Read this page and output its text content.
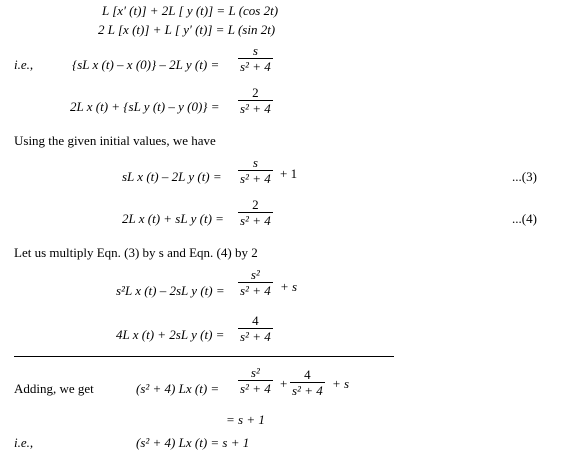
L [x′ (t)] + 2L [ y (t)] = L (cos 2t)
2 L [x (t)] + L [ y′ (t)] = L (sin 2t)
i.e.,	{sL x (t) – x (0)} – 2L y (t) =
s
s² + 4
2L x (t) + {sL y (t) – y (0)} =
2
s² + 4
Using the given initial values, we have
sL x (t) – 2L y (t) =
s
s² + 4 + 1	...(3)
2L x (t) + sL y (t) =
2
s² + 4	...(4)
Let us multiply Eqn. (3) by s and Eqn. (4) by 2
s²L x (t) – 2sL y (t) =
s²
s² + 4 + s
4L x (t) + 2sL y (t) =
4
s² + 4
Adding, we get	(s² + 4) Lx (t) =
s²
s² + 4 +
4
s² + 4 + s
= s + 1
i.e.,	(s² + 4) Lx (t) = s + 1
